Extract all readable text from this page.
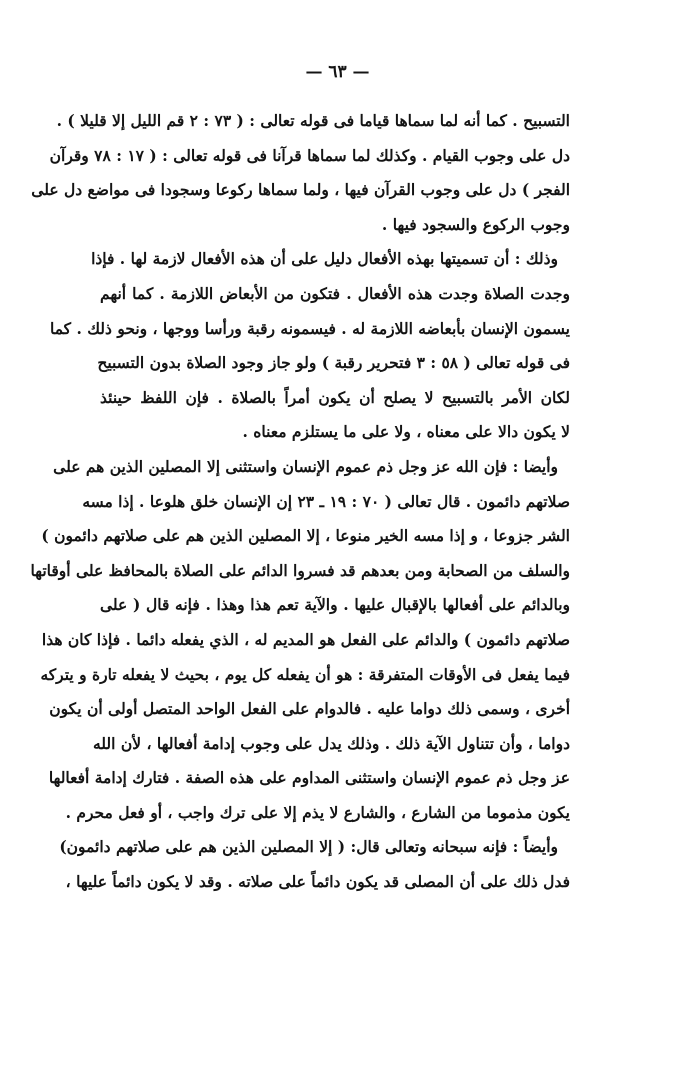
— ٦٣ —
التسبيح . كما أنه لما سماها قياما فى قوله تعالى : ( ٧٣ : ٢ قم الليل إلا قليلا ) .
دل على وجوب القيام . وكذلك لما سماها قرآنا فى قوله تعالى : ( ١٧ : ٧٨ وقرآن
الفجر ) دل على وجوب القرآن فيها ، ولما سماها ركوعا وسجودا فى مواضع دل على
وجوب الركوع والسجود فيها .
وذلك : أن تسميتها بهذه الأفعال دليل على أن هذه الأفعال لازمة لها . فإذا
وجدت الصلاة وجدت هذه الأفعال . فتكون من الأبعاض اللازمة . كما أنهم
يسمون الإنسان بأبعاضه اللازمة له . فيسمونه رقبة ورأسا ووجها ، ونحو ذلك . كما
فى قوله تعالى ( ٥٨ : ٣ فتحرير رقبة ) ولو جاز وجود الصلاة بدون التسبيح
لكان الأمر بالتسبيح لا يصلح أن يكون أمراً بالصلاة . فإن اللفظ حينئذ
لا يكون دالا على معناه ، ولا على ما يستلزم معناه .
وأيضا : فإن الله عز وجل ذم عموم الإنسان واستثنى إلا المصلين الذين هم على
صلاتهم دائمون . قال تعالى ( ٧٠ : ١٩ ـ ٢٣ إن الإنسان خلق هلوعا . إذا مسه
الشر جزوعا ، و إذا مسه الخير منوعا ، إلا المصلين الذين هم على صلاتهم دائمون )
والسلف من الصحابة ومن بعدهم قد فسروا الدائم على الصلاة بالمحافظ على أوقاتها
وبالدائم على أفعالها بالإقبال عليها . والآية تعم هذا وهذا . فإنه قال ( على
صلاتهم دائمون ) والدائم على الفعل هو المديم له ، الذي يفعله دائما . فإذا كان هذا
فيما يفعل فى الأوقات المتفرقة : هو أن يفعله كل يوم ، بحيث لا يفعله تارة و يتركه
أخرى ، وسمى ذلك دواما عليه . فالدوام على الفعل الواحد المتصل أولى أن يكون
دواما ، وأن تتناول الآية ذلك . وذلك يدل على وجوب إدامة أفعالها ، لأن الله
عز وجل ذم عموم الإنسان واستثنى المداوم على هذه الصفة . فتارك إدامة أفعالها
يكون مذموما من الشارع ، والشارع لا يذم إلا على ترك واجب ، أو فعل محرم .
وأيضاً : فإنه سبحانه وتعالى قال: ( إلا المصلين الذين هم على صلاتهم دائمون)
فدل ذلك على أن المصلى قد يكون دائماً على صلاته . وقد لا يكون دائماً عليها ،
